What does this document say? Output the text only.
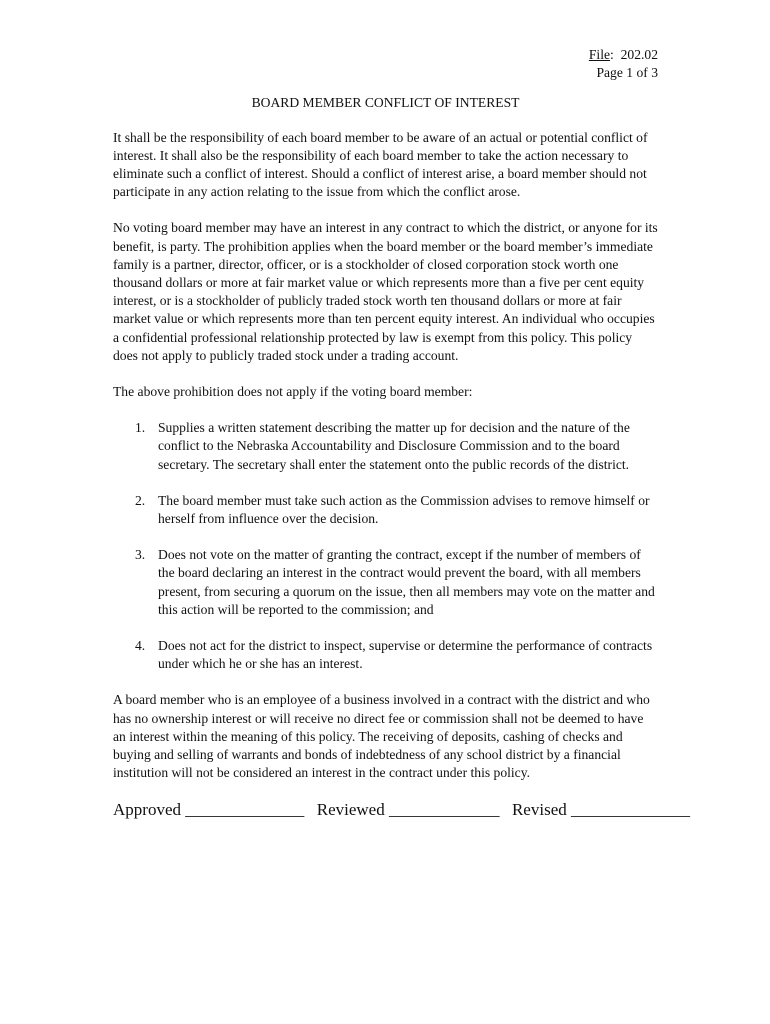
File: 202.02
Page 1 of 3
BOARD MEMBER CONFLICT OF INTEREST

It shall be the responsibility of each board member to be aware of an actual or potential conflict of interest. It shall also be the responsibility of each board member to take the action necessary to eliminate such a conflict of interest. Should a conflict of interest arise, a board member should not participate in any action relating to the issue from which the conflict arose.

No voting board member may have an interest in any contract to which the district, or anyone for its benefit, is party. The prohibition applies when the board member or the board member’s immediate family is a partner, director, officer, or is a stockholder of closed corporation stock worth one thousand dollars or more at fair market value or which represents more than a five per cent equity interest, or is a stockholder of publicly traded stock worth ten thousand dollars or more at fair market value or which represents more than ten percent equity interest. An individual who occupies a confidential professional relationship protected by law is exempt from this policy. This policy does not apply to publicly traded stock under a trading account.

The above prohibition does not apply if the voting board member:

1. Supplies a written statement describing the matter up for decision and the nature of the conflict to the Nebraska Accountability and Disclosure Commission and to the board secretary. The secretary shall enter the statement onto the public records of the district.
2. The board member must take such action as the Commission advises to remove himself or herself from influence over the decision.
3. Does not vote on the matter of granting the contract, except if the number of members of the board declaring an interest in the contract would prevent the board, with all members present, from securing a quorum on the issue, then all members may vote on the matter and this action will be reported to the commission; and
4. Does not act for the district to inspect, supervise or determine the performance of contracts under which he or she has an interest.

A board member who is an employee of a business involved in a contract with the district and who has no ownership interest or will receive no direct fee or commission shall not be deemed to have an interest within the meaning of this policy. The receiving of deposits, cashing of checks and buying and selling of warrants and bonds of indebtedness of any school district by a financial institution will not be considered an interest in the contract under this policy.

Approved ______________ Reviewed _____________ Revised ______________
